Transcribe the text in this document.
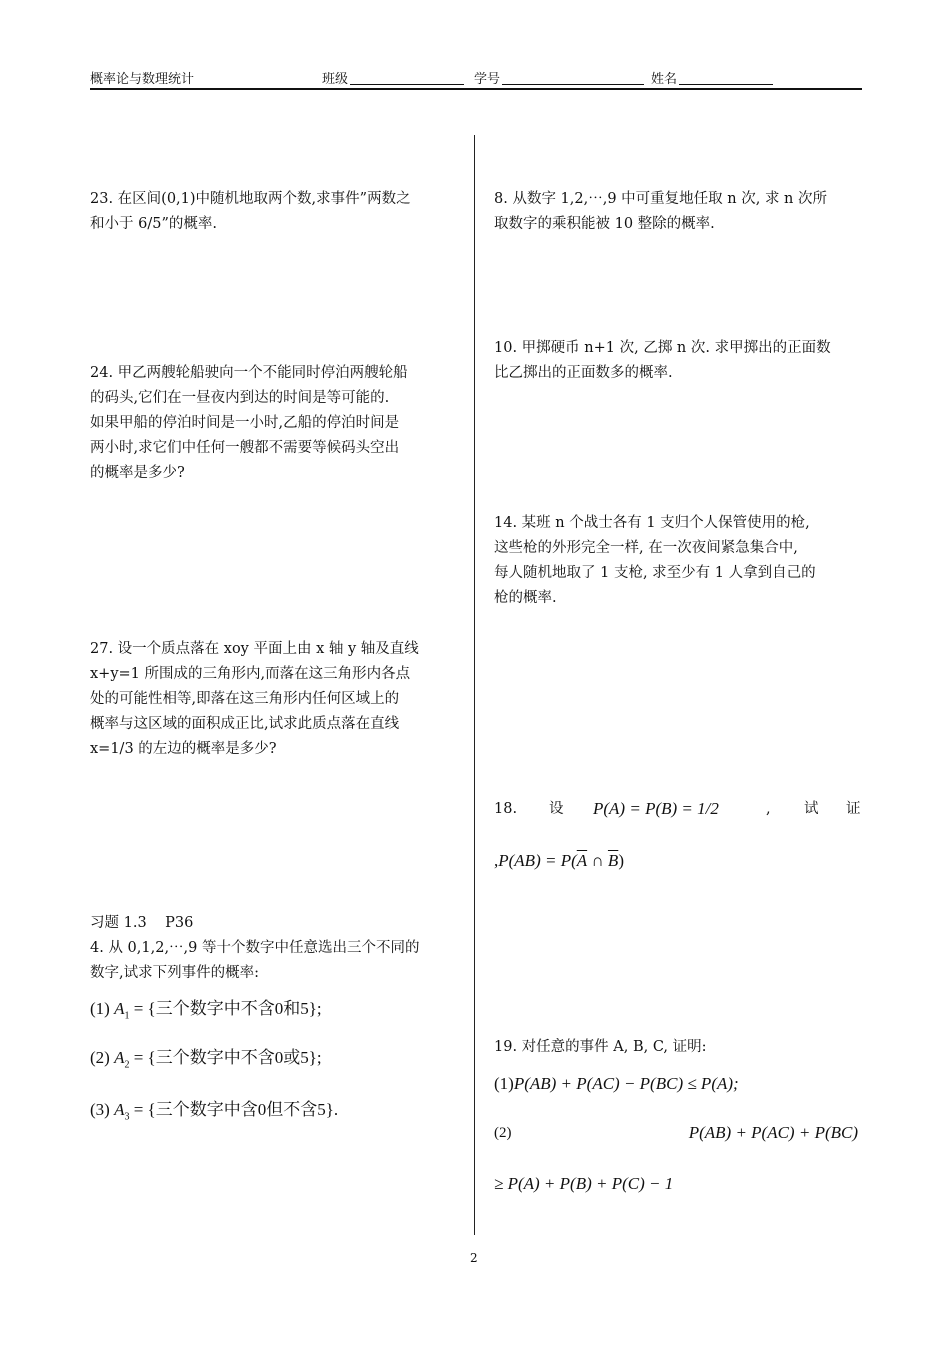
概率论与数理统计	班级	学号	姓名

23. 在区间(0,1)中随机地取两个数,求事件”两数之

和小于 6/5”的概率.

24. 甲乙两艘轮船驶向一个不能同时停泊两艘轮船

的码头,它们在一昼夜内到达的时间是等可能的.

如果甲船的停泊时间是一小时,乙船的停泊时间是

两小时,求它们中任何一艘都不需要等候码头空出

的概率是多少?

27. 设一个质点落在 xoy 平面上由 x 轴 y 轴及直线

x+y=1 所围成的三角形内,而落在这三角形内各点

处的可能性相等,即落在这三角形内任何区域上的

概率与这区域的面积成正比,试求此质点落在直线

x=1/3 的左边的概率是多少?

习题 1.3    P36

4. 从 0,1,2,⋯,9 等十个数字中任意选出三个不同的

数字,试求下列事件的概率:

(1) $A_1$ = {三个数字中不含0和5};
(2) $A_2$ = {三个数字中不含0或5};
(3) $A_3$ = {三个数字中含0但不含5}.

8. 从数字 1,2,⋯,9 中可重复地任取 n 次, 求 n 次所

取数字的乘积能被 10 整除的概率.

10. 甲掷硬币 n+1 次, 乙掷 n 次. 求甲掷出的正面数

比乙掷出的正面数多的概率.

14. 某班 n 个战士各有 1 支归个人保管使用的枪,

这些枪的外形完全一样, 在一次夜间紧急集合中,

每人随机地取了 1 支枪, 求至少有 1 人拿到自己的

枪的概率.

18. 设 P(A) = P(B) = 1/2	, 试 证
$,P(AB) = P(\overline{A}$ ∩ $\overline{B}$)

19. 对任意的事件 A, B, C, 证明:

(1)P(AB) + P(AC) − P(BC) ≤ P(A);
(2)	P(AB) + P(AC) + P(BC)
≥ P(A) + P(B) + P(C) − 1
2
